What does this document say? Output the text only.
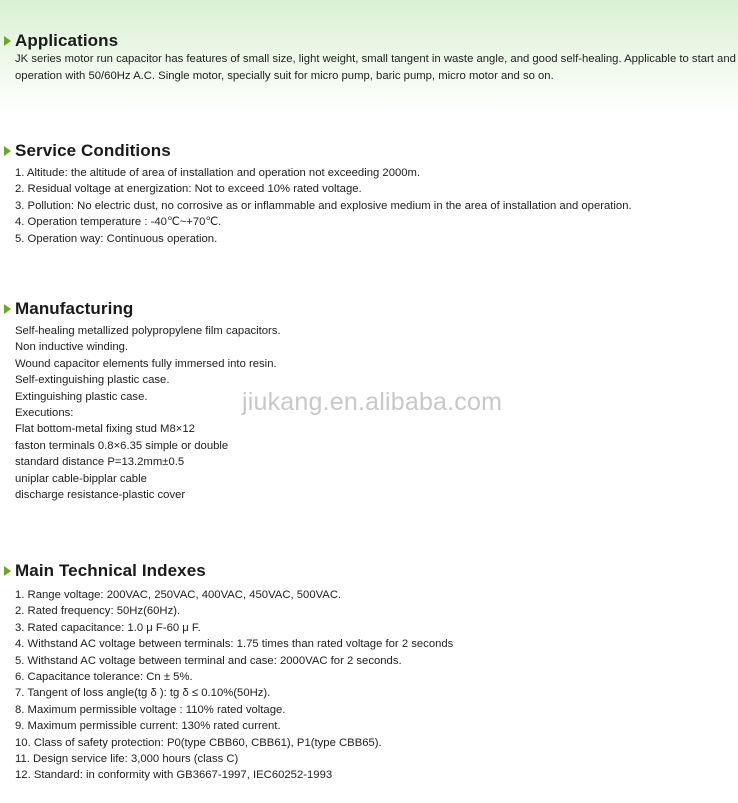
Applications
JK series motor run capacitor has features of small size, light weight, small tangent in waste angle, and good self-healing. Applicable to start and operation with 50/60Hz A.C. Single motor, specially suit for micro pump, baric pump, micro motor and so on.
Service Conditions
1. Altitude: the altitude of area of installation and operation not exceeding 2000m.
2. Residual voltage at energization: Not to exceed 10% rated voltage.
3. Pollution: No electric dust, no corrosive as or inflammable and explosive medium in the area of installation and operation.
4. Operation temperature : -40℃~+70℃.
5. Operation way: Continuous operation.
Manufacturing
Self-healing metallized polypropylene film capacitors.
Non inductive winding.
Wound capacitor elements fully immersed into resin.
Self-extinguishing plastic case.
Extinguishing plastic case.
Executions:
Flat bottom-metal fixing stud M8×12
faston terminals 0.8×6.35 simple or double
standard distance P=13.2mm±0.5
uniplar cable-bipplar cable
discharge resistance-plastic cover
Main Technical Indexes
1. Range voltage: 200VAC, 250VAC, 400VAC, 450VAC, 500VAC.
2. Rated frequency: 50Hz(60Hz).
3. Rated capacitance: 1.0 μ F-60 μ F.
4. Withstand AC voltage between terminals: 1.75 times than rated voltage for 2 seconds
5. Withstand AC voltage between terminal and case: 2000VAC for 2 seconds.
6. Capacitance tolerance: Cn ± 5%.
7. Tangent of loss angle(tg δ ): tg δ ≤ 0.10%(50Hz).
8. Maximum permissible voltage : 110% rated voltage.
9. Maximum permissible current: 130% rated current.
10. Class of safety protection: P0(type CBB60, CBB61), P1(type CBB65).
11. Design service life: 3,000 hours (class C)
12. Standard: in conformity with GB3667-1997, IEC60252-1993
jiukang.en.alibaba.com
